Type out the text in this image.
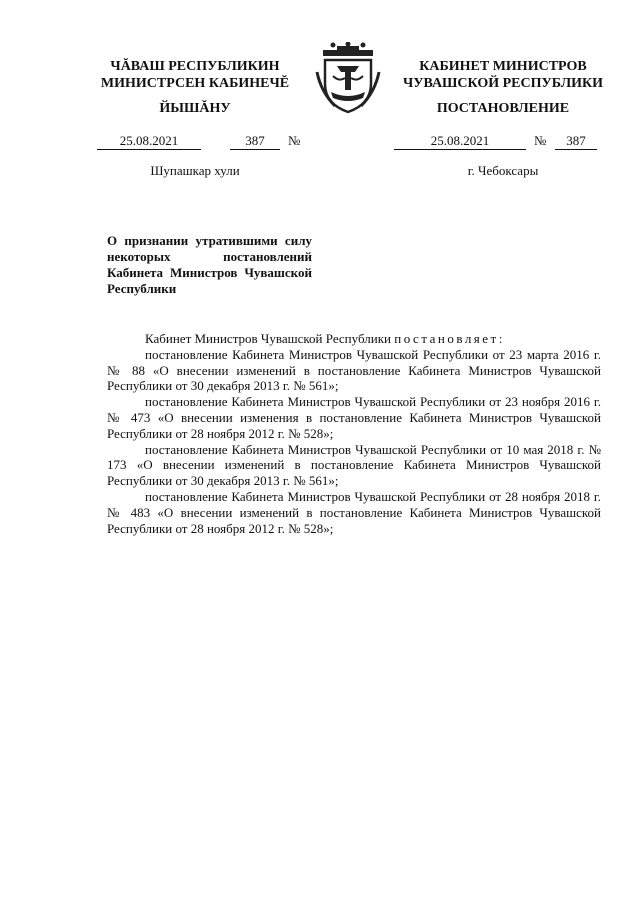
ЧĂВАШ РЕСПУБЛИКИН
МИНИСТРСЕН КАБИНЕЧĔ
ЙЫШĂНУ
КАБИНЕТ МИНИСТРОВ
ЧУВАШСКОЙ РЕСПУБЛИКИ
ПОСТАНОВЛЕНИЕ
25.08.2021	387	№	25.08.2021	№	387
Шупашкар хули	г. Чебоксары
О признании утратившими силу некоторых постановлений Кабинета Министров Чувашской Республики

Кабинет Министров Чувашской Республики постановляет:

постановление Кабинета Министров Чувашской Республики от 23 марта 2016 г. № 88 «О внесении изменений в постановление Кабинета Министров Чувашской Республики от 30 декабря 2013 г. № 561»;

постановление Кабинета Министров Чувашской Республики от 23 ноября 2016 г. № 473 «О внесении изменения в постановление Кабинета Министров Чувашской Республики от 28 ноября 2012 г. № 528»;

постановление Кабинета Министров Чувашской Республики от 10 мая 2018 г. № 173 «О внесении изменений в постановление Кабинета Министров Чувашской Республики от 30 декабря 2013 г. № 561»;

постановление Кабинета Министров Чувашской Республики от 28 ноября 2018 г. № 483 «О внесении изменений в постановление Кабинета Министров Чувашской Республики от 28 ноября 2012 г. № 528»;
